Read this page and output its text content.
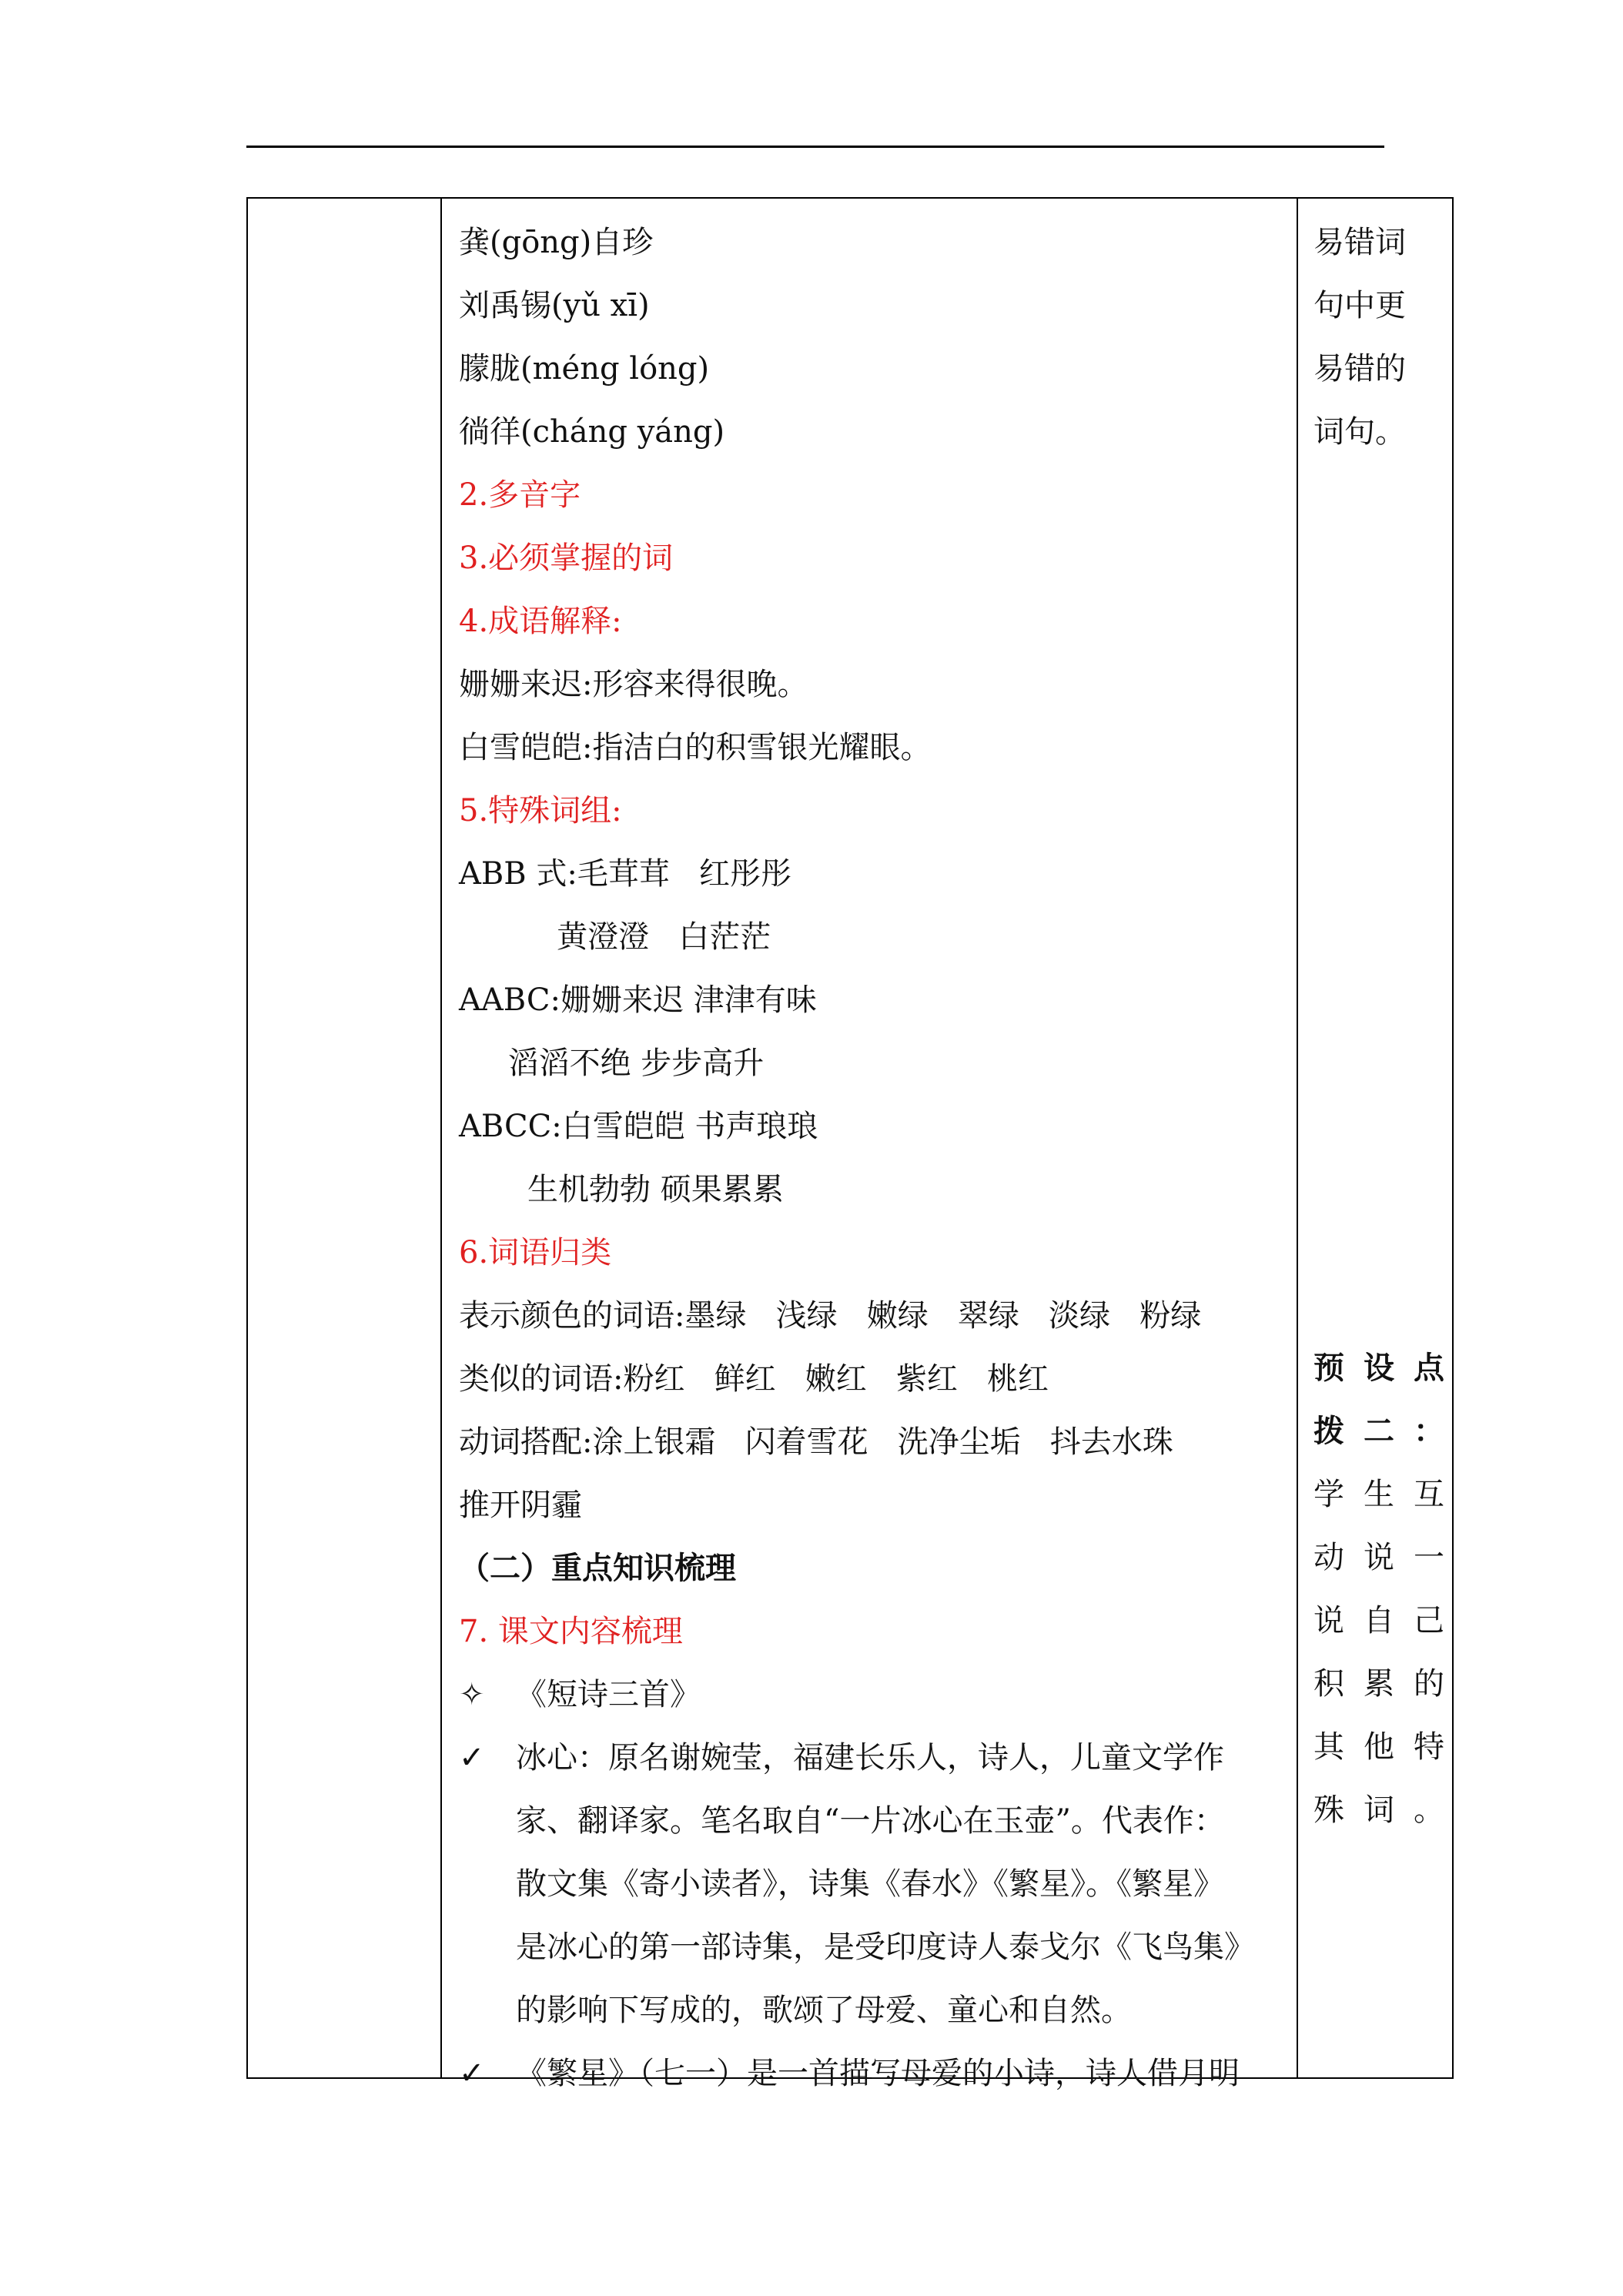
龚(gōng)自珍
刘禹锡(yǔ xī)
朦胧(méng lóng)
徜徉(cháng yáng)
2.多音字
3.必须掌握的词
4.成语解释:
姗姗来迟:形容来得很晚。
白雪皑皑:指洁白的积雪银光耀眼。
5.特殊词组:
ABB 式:毛茸茸   红彤彤
黄澄澄   白茫茫
AABC:姗姗来迟 津津有味
滔滔不绝 步步高升
ABCC:白雪皑皑 书声琅琅
生机勃勃 硕果累累
6.词语归类
表示颜色的词语:墨绿   浅绿   嫩绿   翠绿   淡绿   粉绿
类似的词语:粉红   鲜红   嫩红   紫红   桃红
动词搭配:涂上银霜   闪着雪花   洗净尘垢   抖去水珠
推开阴霾
（二）重点知识梳理
7. 课文内容梳理
✧	《短诗三首》
✓	冰心：原名谢婉莹，福建长乐人，诗人，儿童文学作
家、翻译家。笔名取自“一片冰心在玉壶”。代表作：
散文集《寄小读者》，诗集《春水》《繁星》。《繁星》
是冰心的第一部诗集，是受印度诗人泰戈尔《飞鸟集》
的影响下写成的，歌颂了母爱、童心和自然。
✓	《繁星》（七一）是一首描写母爱的小诗，诗人借月明
易错词
句中更
易错的
词句。
预设点
拨二：
学生互
动说一
说自己
积累的
其他特
殊词。
